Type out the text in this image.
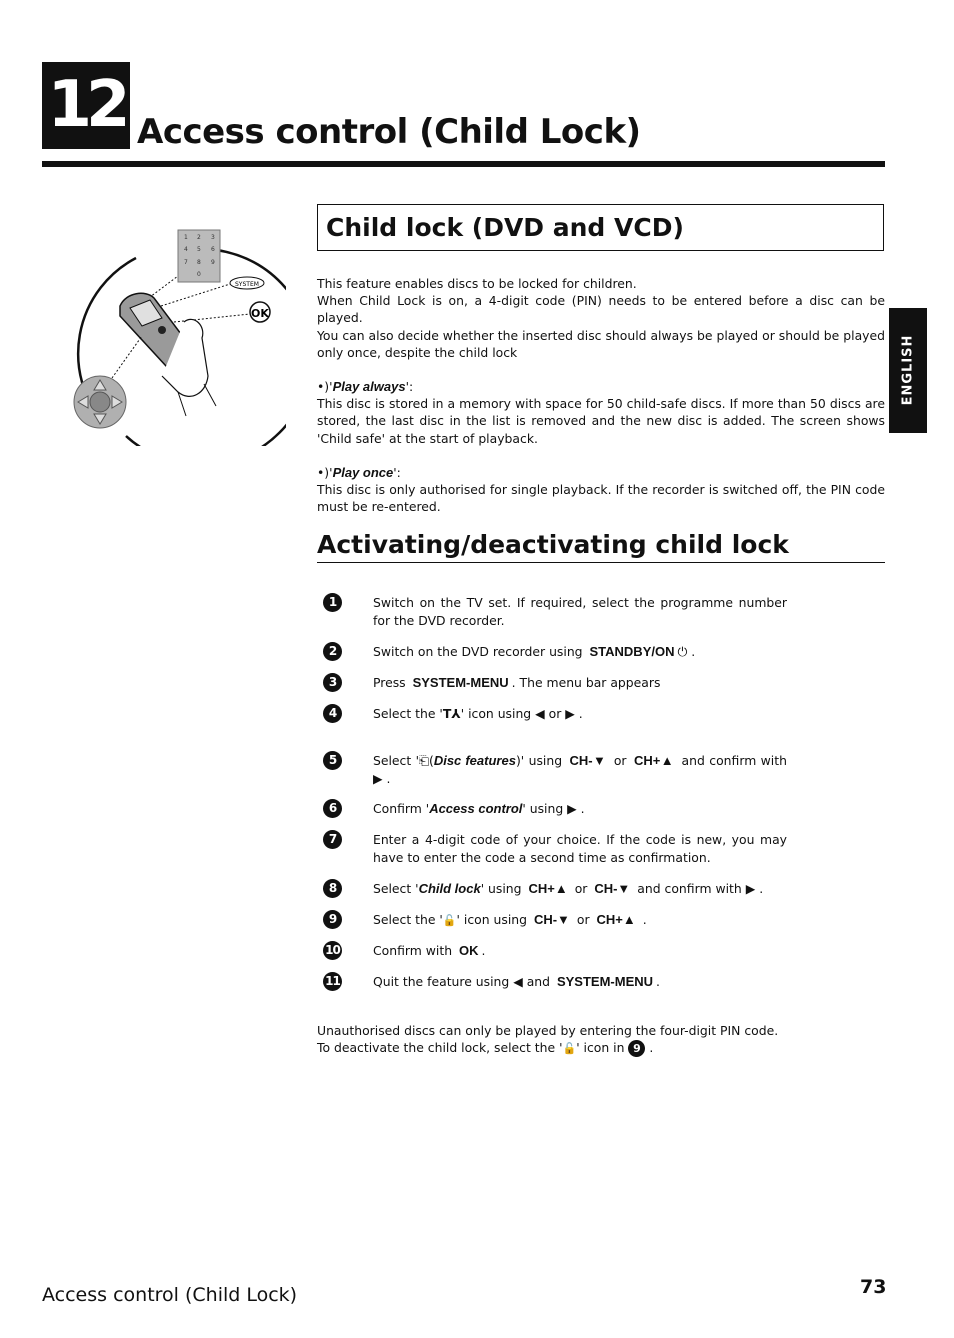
12 Access control (Child Lock)
ENGLISH
1 2 3
4 5 6
7 8 9
0
SYSTEM
OK
Child lock (DVD and VCD)

This feature enables discs to be locked for children.

When Child Lock is on, a 4-digit code (PIN) needs to be entered before a disc can be played.

You can also decide whether the inserted disc should always be played or should be played only once, despite the child lock

•)'Play always':

This disc is stored in a memory with space for 50 child-safe discs. If more than 50 discs are stored, the last disc in the list is removed and the new disc is added. The screen shows 'Child safe' at the start of playback.

•)'Play once':

This disc is only authorised for single playback. If the recorder is switched off, the PIN code must be re-entered.

Activating/deactivating child lock
1	Switch on the TV set. If required, select the programme number for the DVD recorder.
2	Switch on the DVD recorder using STANDBY/ON ⏻ .
3	Press SYSTEM-MENU . The menu bar appears
4	Select the 'T⅄' icon using ◀ or ▶ .
5	Select '⎗(Disc features)' using CH-▼ or CH+▲ and confirm with ▶ .
6	Confirm 'Access control' using ▶ .
7	Enter a 4-digit code of your choice. If the code is new, you may have to enter the code a second time as confirmation.
8	Select 'Child lock' using CH+▲ or CH-▼ and confirm with ▶ .
9	Select the '🔓' icon using CH-▼ or CH+▲ .
10	Confirm with OK .
11	Quit the feature using ◀ and SYSTEM-MENU .

Unauthorised discs can only be played by entering the four-digit PIN code.

To deactivate the child lock, select the '🔓' icon in 9 .

Access control (Child Lock)	73
